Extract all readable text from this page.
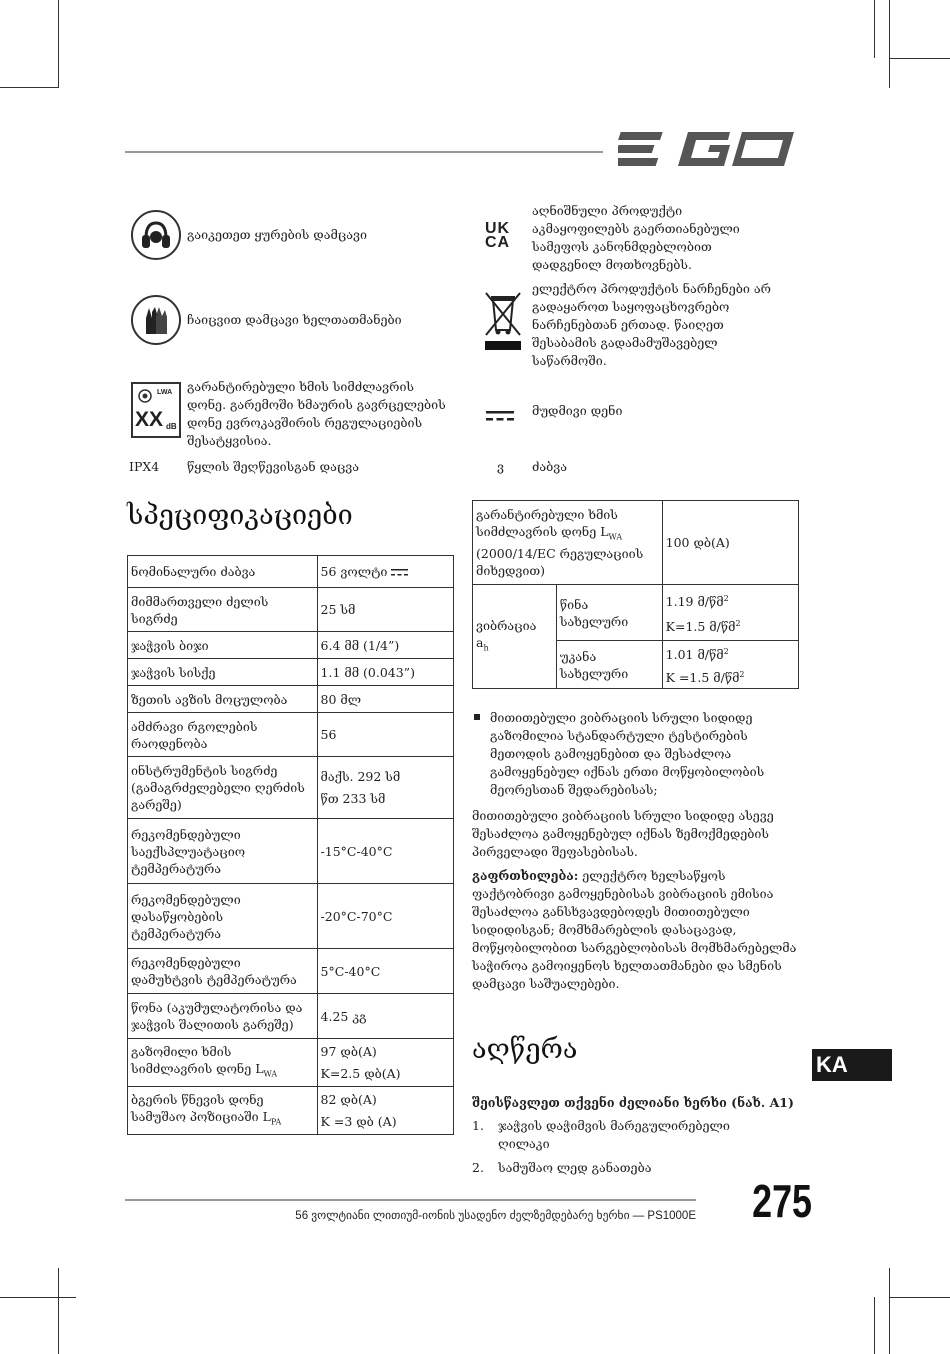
გაიკეთეთ ყურების დამცავი
ჩაიცვით დამცავი ხელთათმანები
LWA
XX dB
გარანტირებული ხმის სიმძლავრის დონე. გარემოში ხმაურის გავრცელების დონე ევროკავშირის რეგულაციების შესატყვისია.
IPX4 წყლის შეღწევისგან დაცვა
UK CA
აღნიშნული პროდუქტი აკმაყოფილებს გაერთიანებული სამეფოს კანონმდებლობით დადგენილ მოთხოვნებს.
ელექტრო პროდუქტის ნარჩენები არ გადაყაროთ საყოფაცხოვრებო ნარჩენებთან ერთად. წაიღეთ შესაბამის გადამამუშავებელ საწარმოში.
მუდმივი დენი
ვ ძაბვა
სპეციფიკაციები
ნომინალური ძაბვა	56 ვოლტი
მიმმართველი ძელის სიგრძე	25 სმ
ჯაჭვის ბიჯი	6.4 მმ (1/4”)
ჯაჭვის სისქე	1.1 მმ (0.043”)
ზეთის ავზის მოცულობა	80 მლ
ამძრავი რგოლების რაოდენობა	56
ინსტრუმენტის სიგრძე (გამაგრძელებელი ღერძის გარეშე)	მაქს. 292 სმ
წთ 233 სმ

რეკომენდებული საექსპლუატაციო ტემპერატურა	-15°C-40°C
რეკომენდებული დასაწყობების ტემპერატურა	-20°C-70°C
რეკომენდებული დამუხტვის ტემპერატურა	5°C-40°C
წონა (აკუმულატორისა და ჯაჭვის შალითის გარეშე)	4.25 კგ
გაზომილი ხმის სიმძლავრის დონე $L_{WA}$	97 დბ(A)
K=2.5 დბ(A)

ბგერის წნევის დონე სამუშაო პოზიციაში $L_{PA}$	82 დბ(A)
K =3 დბ (A)
გარანტირებული ხმის სიმძლავრის დონე $L_{WA}$ (2000/14/EC რეგულაციის მიხედვით)		100 დბ(A)
ვიბრაცია $a_h$	წინა სახელური	1.19 მ/წმ$^2$
K=1.5 მ/წმ$^2$

	უკანა სახელური	1.01 მ/წმ$^2$
K =1.5 მ/წმ$^2$

მითითებული ვიბრაციის სრული სიდიდე გაზომილია სტანდარტული ტესტირების მეთოდის გამოყენებით და შესაძლოა გამოყენებულ იქნას ერთი მოწყობილობის მეორესთან შედარებისას;

მითითებული ვიბრაციის სრული სიდიდე ასევე შესაძლოა გამოყენებულ იქნას ზემოქმედების პირველადი შეფასებისას.

გაფრთხილება: ელექტრო ხელსაწყოს ფაქტობრივი გამოყენებისას ვიბრაციის ემისია შესაძლოა განსხვავდებოდეს მითითებული სიდიდისგან; მომხმარებლის დასაცავად, მოწყობილობით სარგებლობისას მომხმარებელმა საჭიროა გამოიყენოს ხელთათმანები და სმენის დამცავი საშუალებები.

აღწერა

შეისწავლეთ თქვენი ძელიანი ხერხი (ნახ. A1)

1. ჯაჭვის დაჭიმვის მარეგულირებელი ღილაკი
2. სამუშაო ლედ განათება
KA
56 ვოლტიანი ლითიუმ-იონის უსადენო ძელზემდებარე ხერხი — PS1000E	275
